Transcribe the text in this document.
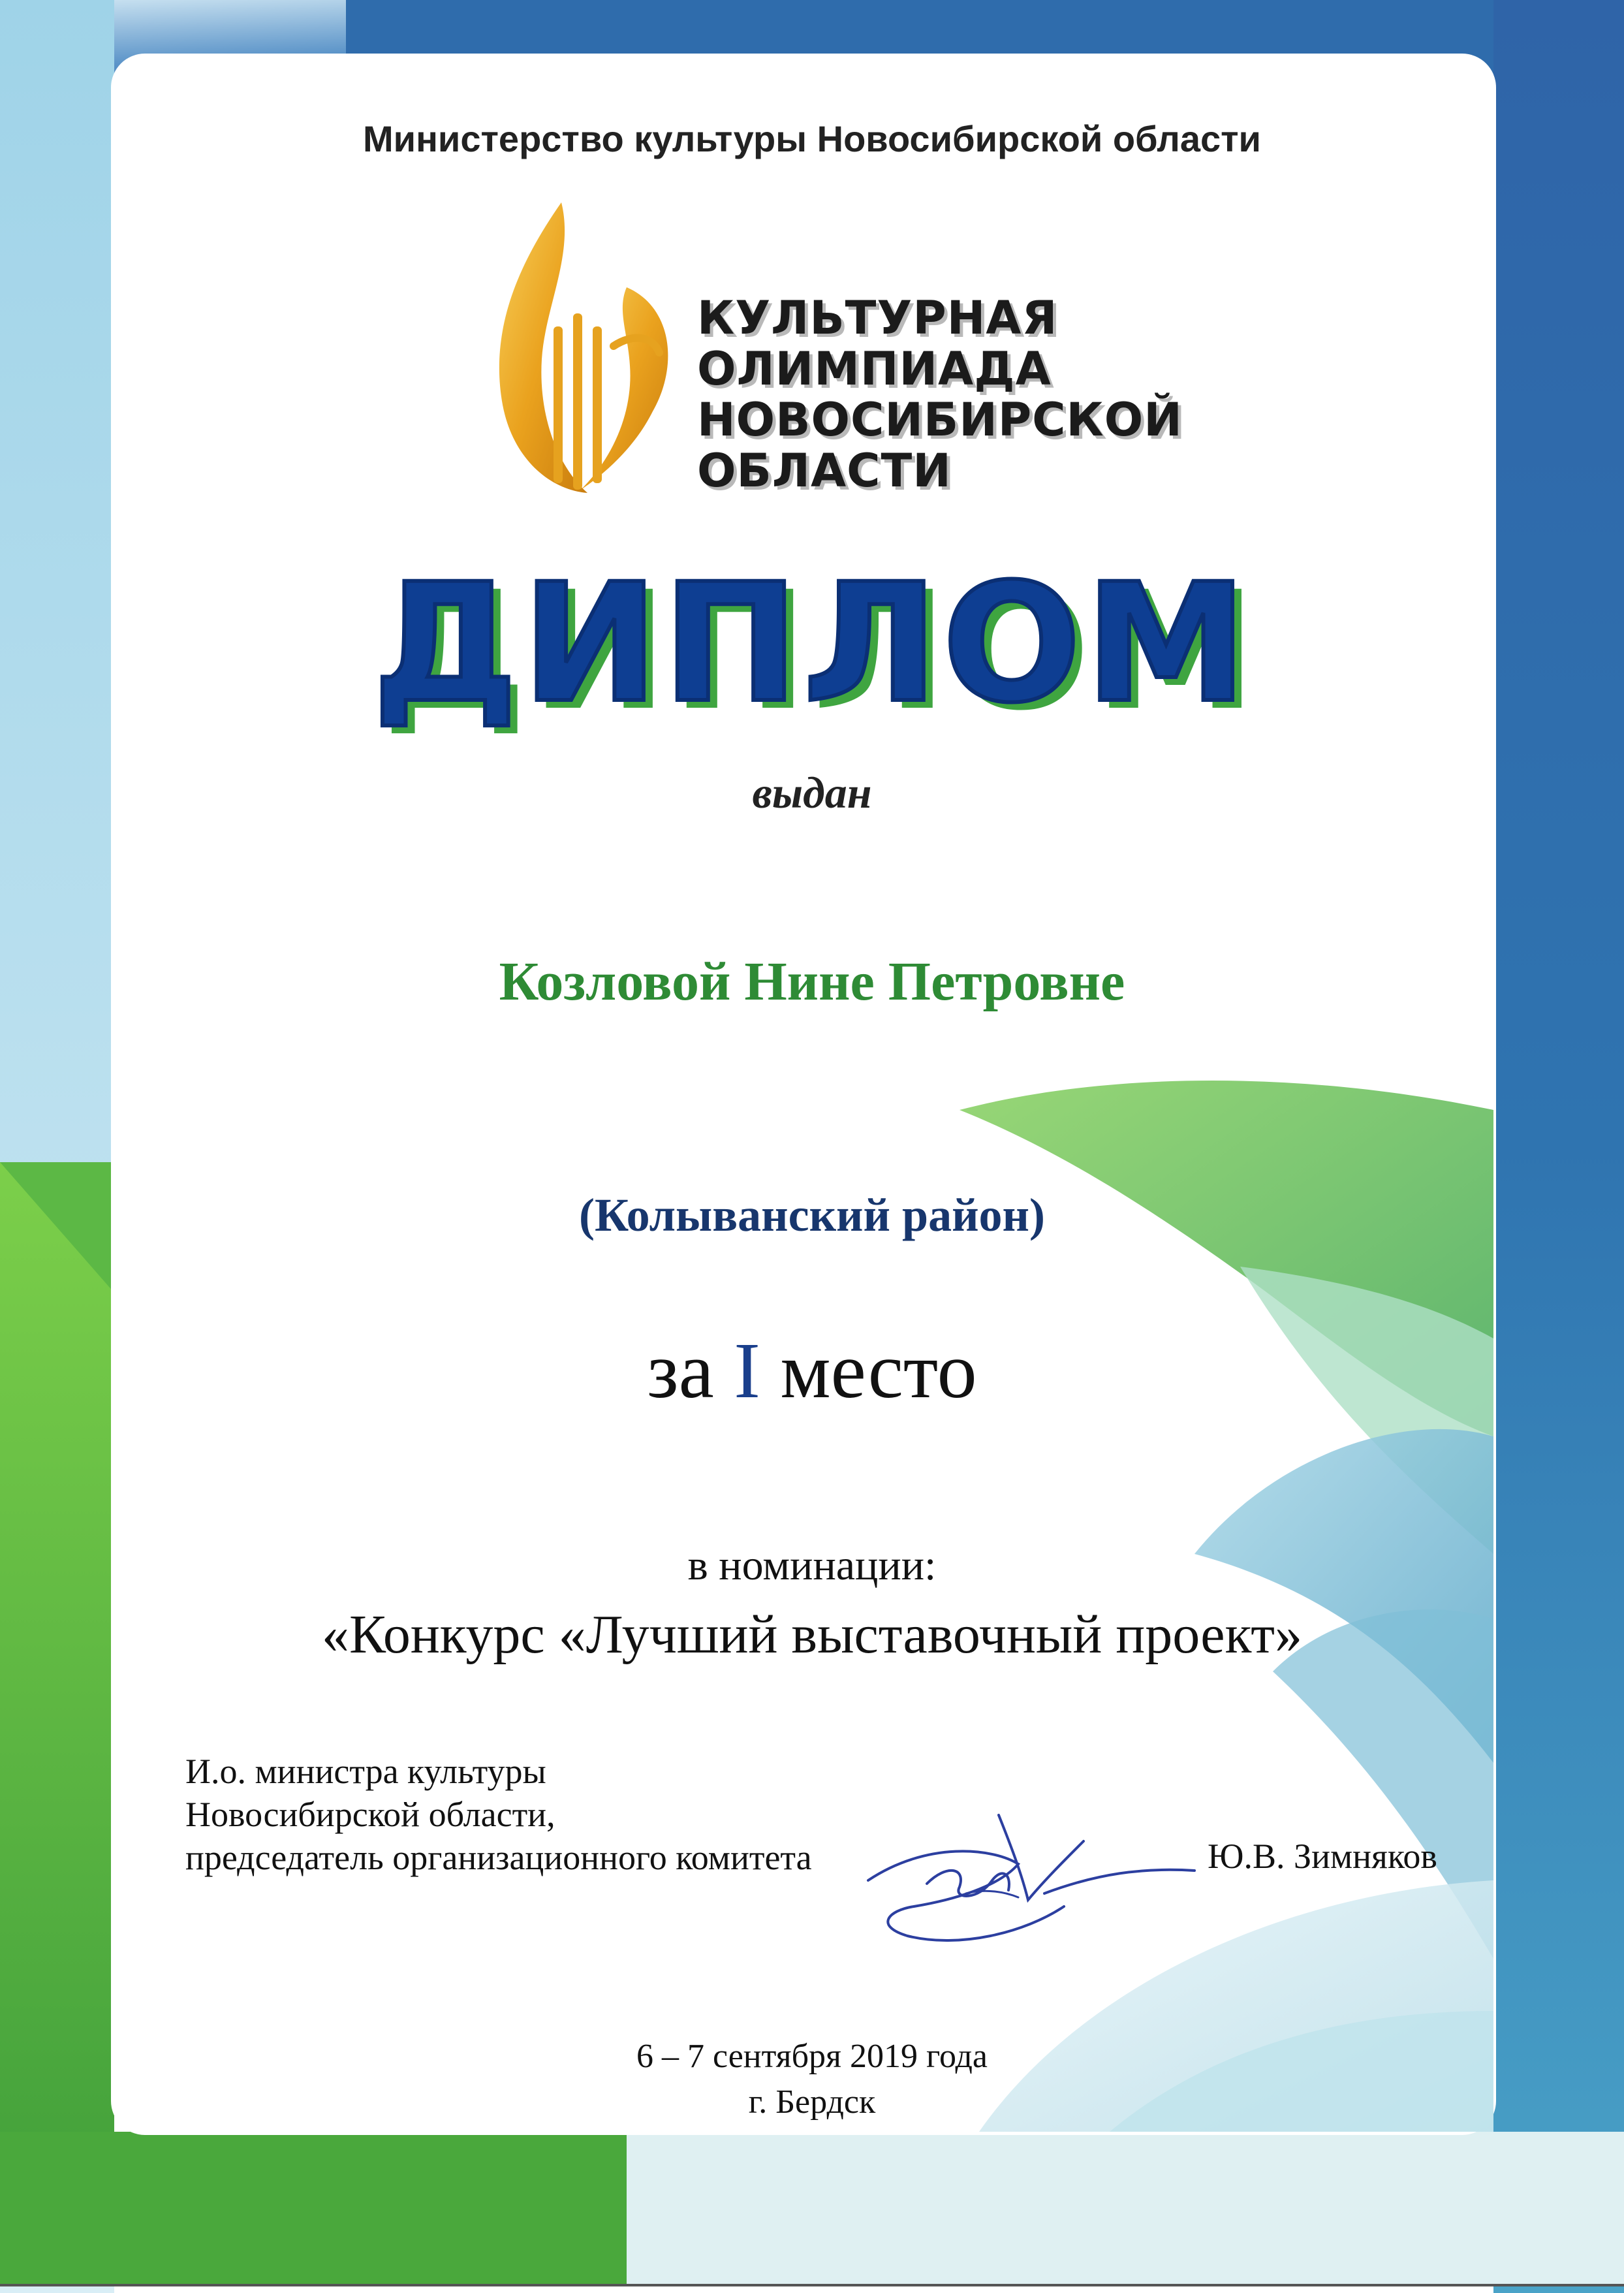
Министерство культуры Новосибирской области
КУЛЬТУРНАЯ
ОЛИМПИАДА
НОВОСИБИРСКОЙ
ОБЛАСТИ
ДИПЛОМ
выдан
Козловой Нине Петровне
(Колыванский район)
за I место
в номинации:
«Конкурс «Лучший выставочный проект»
И.о. министра культуры
Новосибирской области,
председатель организационного комитета	Ю.В. Зимняков
6 – 7 сентября 2019 года
г. Бердск
